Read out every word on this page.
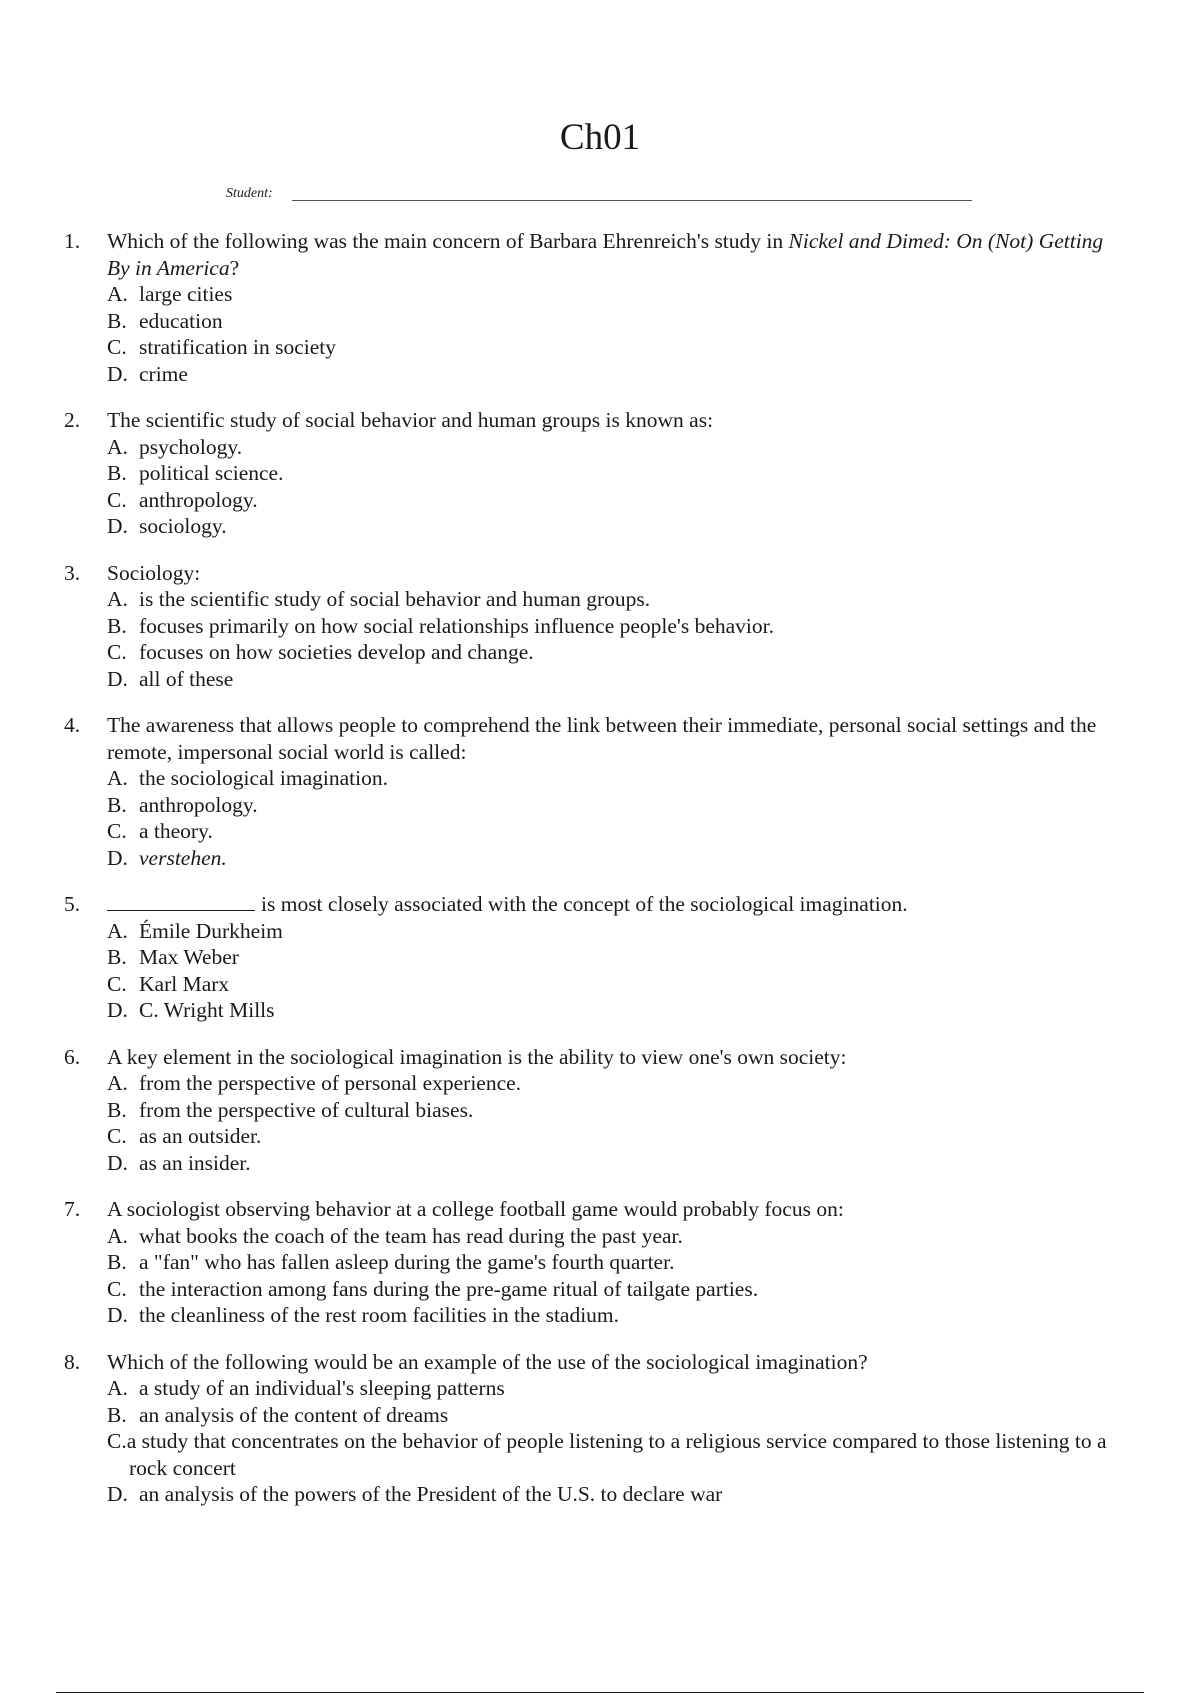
Ch01
Student:
1. Which of the following was the main concern of Barbara Ehrenreich's study in Nickel and Dimed: On (Not) Getting By in America?
A. large cities
B. education
C. stratification in society
D. crime
2. The scientific study of social behavior and human groups is known as:
A. psychology.
B. political science.
C. anthropology.
D. sociology.
3. Sociology:
A. is the scientific study of social behavior and human groups.
B. focuses primarily on how social relationships influence people's behavior.
C. focuses on how societies develop and change.
D. all of these
4. The awareness that allows people to comprehend the link between their immediate, personal social settings and the remote, impersonal social world is called:
A. the sociological imagination.
B. anthropology.
C. a theory.
D. verstehen.
5.	is most closely associated with the concept of the sociological imagination.
A. Émile Durkheim
B. Max Weber
C. Karl Marx
D. C. Wright Mills
6. A key element in the sociological imagination is the ability to view one's own society:
A. from the perspective of personal experience.
B. from the perspective of cultural biases.
C. as an outsider.
D. as an insider.
7. A sociologist observing behavior at a college football game would probably focus on:
A. what books the coach of the team has read during the past year.
B. a "fan" who has fallen asleep during the game's fourth quarter.
C. the interaction among fans during the pre-game ritual of tailgate parties.
D. the cleanliness of the rest room facilities in the stadium.
8. Which of the following would be an example of the use of the sociological imagination?
A. a study of an individual's sleeping patterns
B. an analysis of the content of dreams
C.a study that concentrates on the behavior of people listening to a religious service compared to those listening to a rock concert
D. an analysis of the powers of the President of the U.S. to declare war
